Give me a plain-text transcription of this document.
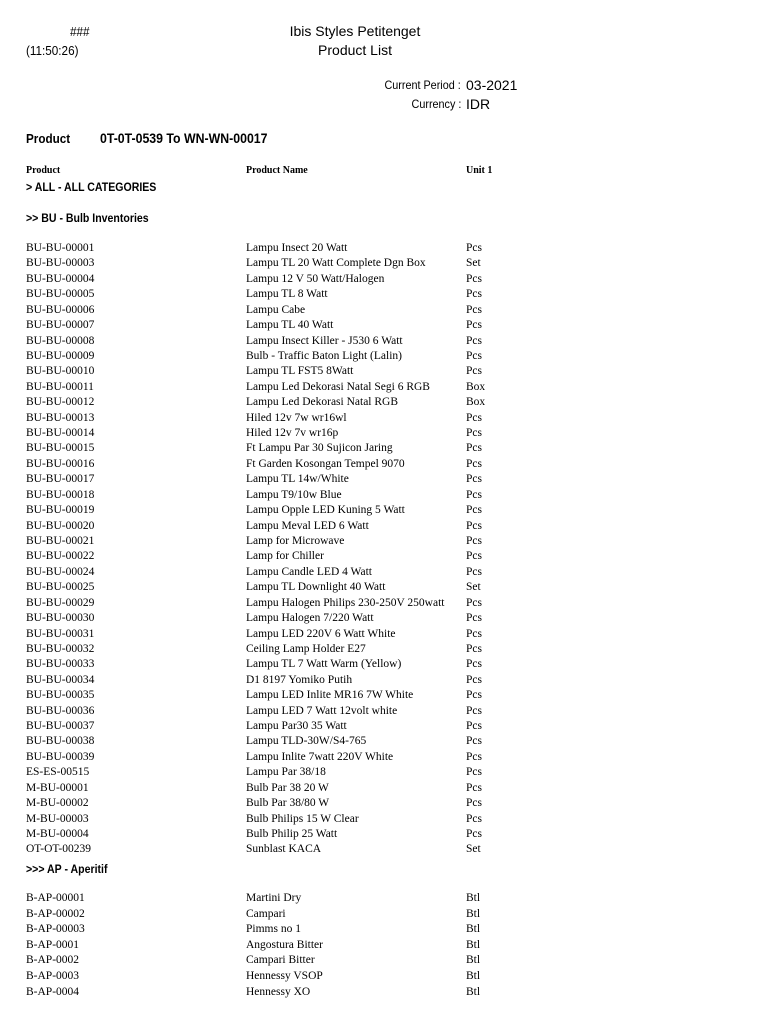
###
(11:50:26)
Ibis Styles Petitenget
Product List
Current Period : 03-2021
Currency : IDR
Product 0T-0T-0539 To WN-WN-00017
Product	Product Name	Unit 1
> ALL - ALL CATEGORIES
>> BU - Bulb Inventories
BU-BU-00001	Lampu Insect 20 Watt	Pcs
BU-BU-00003	Lampu TL 20 Watt Complete Dgn Box	Set
BU-BU-00004	Lampu 12 V 50 Watt/Halogen	Pcs
BU-BU-00005	Lampu TL 8 Watt	Pcs
BU-BU-00006	Lampu Cabe	Pcs
BU-BU-00007	Lampu TL 40 Watt	Pcs
BU-BU-00008	Lampu Insect Killer - J530 6 Watt	Pcs
BU-BU-00009	Bulb - Traffic Baton Light (Lalin)	Pcs
BU-BU-00010	Lampu TL FST5 8Watt	Pcs
BU-BU-00011	Lampu Led Dekorasi Natal Segi 6 RGB	Box
BU-BU-00012	Lampu Led Dekorasi Natal RGB	Box
BU-BU-00013	Hiled 12v 7w wr16wl	Pcs
BU-BU-00014	Hiled 12v 7v wr16p	Pcs
BU-BU-00015	Ft Lampu Par 30 Sujicon Jaring	Pcs
BU-BU-00016	Ft Garden Kosongan Tempel 9070	Pcs
BU-BU-00017	Lampu TL 14w/White	Pcs
BU-BU-00018	Lampu T9/10w Blue	Pcs
BU-BU-00019	Lampu Opple LED Kuning 5 Watt	Pcs
BU-BU-00020	Lampu Meval LED 6 Watt	Pcs
BU-BU-00021	Lamp for Microwave	Pcs
BU-BU-00022	Lamp for Chiller	Pcs
BU-BU-00024	Lampu Candle LED 4 Watt	Pcs
BU-BU-00025	Lampu TL Downlight 40 Watt	Set
BU-BU-00029	Lampu Halogen Philips 230-250V 250watt Pcs
BU-BU-00030	Lampu Halogen 7/220 Watt	Pcs
BU-BU-00031	Lampu LED 220V 6 Watt White	Pcs
BU-BU-00032	Ceiling Lamp Holder E27	Pcs
BU-BU-00033	Lampu TL 7 Watt Warm (Yellow)	Pcs
BU-BU-00034	D1 8197 Yomiko Putih	Pcs
BU-BU-00035	Lampu LED Inlite MR16 7W White	Pcs
BU-BU-00036	Lampu LED 7 Watt 12volt white	Pcs
BU-BU-00037	Lampu Par30 35 Watt	Pcs
BU-BU-00038	Lampu TLD-30W/S4-765	Pcs
BU-BU-00039	Lampu Inlite 7watt 220V White	Pcs
ES-ES-00515	Lampu Par 38/18	Pcs
M-BU-00001	Bulb Par 38 20 W	Pcs
M-BU-00002	Bulb Par 38/80 W	Pcs
M-BU-00003	Bulb Philips 15 W Clear	Pcs
M-BU-00004	Bulb Philip 25 Watt	Pcs
OT-OT-00239	Sunblast KACA	Set
>>> AP - Aperitif
B-AP-00001	Martini Dry	Btl
B-AP-00002	Campari	Btl
B-AP-00003	Pimms no 1	Btl
B-AP-0001	Angostura Bitter	Btl
B-AP-0002	Campari Bitter	Btl
B-AP-0003	Hennessy VSOP	Btl
B-AP-0004	Hennessy XO	Btl
